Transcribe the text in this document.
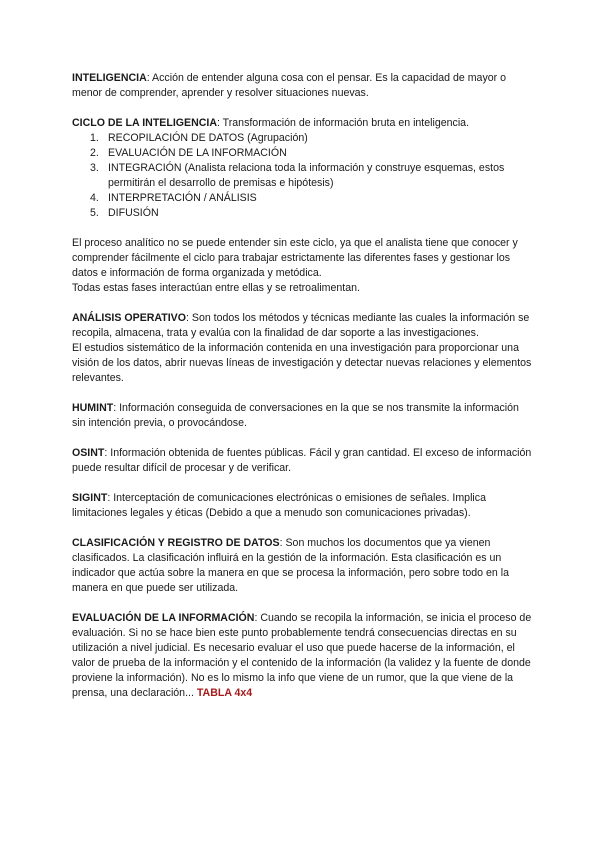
INTELIGENCIA: Acción de entender alguna cosa con el pensar. Es la capacidad de mayor o menor de comprender, aprender y resolver situaciones nuevas.

CICLO DE LA INTELIGENCIA: Transformación de información bruta en inteligencia.

1. RECOPILACIÓN DE DATOS (Agrupación)
2. EVALUACIÓN DE LA INFORMACIÓN
3. INTEGRACIÓN (Analista relaciona toda la información y construye esquemas, estos permitirán el desarrollo de premisas e hipótesis)
4. INTERPRETACIÓN / ANÁLISIS
5. DIFUSIÓN

El proceso analítico no se puede entender sin este ciclo, ya que el analista tiene que conocer y comprender fácilmente el ciclo para trabajar estrictamente las diferentes fases y gestionar los datos e información de forma organizada y metódica.

Todas estas fases interactúan entre ellas y se retroalimentan.

ANÁLISIS OPERATIVO: Son todos los métodos y técnicas mediante las cuales la información se recopila, almacena, trata y evalúa con la finalidad de dar soporte a las investigaciones.

El estudios sistemático de la información contenida en una investigación para proporcionar una visión de los datos, abrir nuevas líneas de investigación y detectar nuevas relaciones y elementos relevantes.

HUMINT: Información conseguida de conversaciones en la que se nos transmite la información sin intención previa, o provocándose.

OSINT: Información obtenida de fuentes públicas. Fácil y gran cantidad. El exceso de información puede resultar difícil de procesar y de verificar.

SIGINT: Interceptación de comunicaciones electrónicas o emisiones de señales. Implica limitaciones legales y éticas (Debido a que a menudo son comunicaciones privadas).

CLASIFICACIÓN Y REGISTRO DE DATOS: Son muchos los documentos que ya vienen clasificados. La clasificación influirá en la gestión de la información. Esta clasificación es un indicador que actúa sobre la manera en que se procesa la información, pero sobre todo en la manera en que puede ser utilizada.

EVALUACIÓN DE LA INFORMACIÓN: Cuando se recopila la información, se inicia el proceso de evaluación. Si no se hace bien este punto probablemente tendrá consecuencias directas en su utilización a nivel judicial. Es necesario evaluar el uso que puede hacerse de la información, el valor de prueba de la información y el contenido de la información (la validez y la fuente de donde proviene la información). No es lo mismo la info que viene de un rumor, que la que viene de la prensa, una declaración... TABLA 4x4
